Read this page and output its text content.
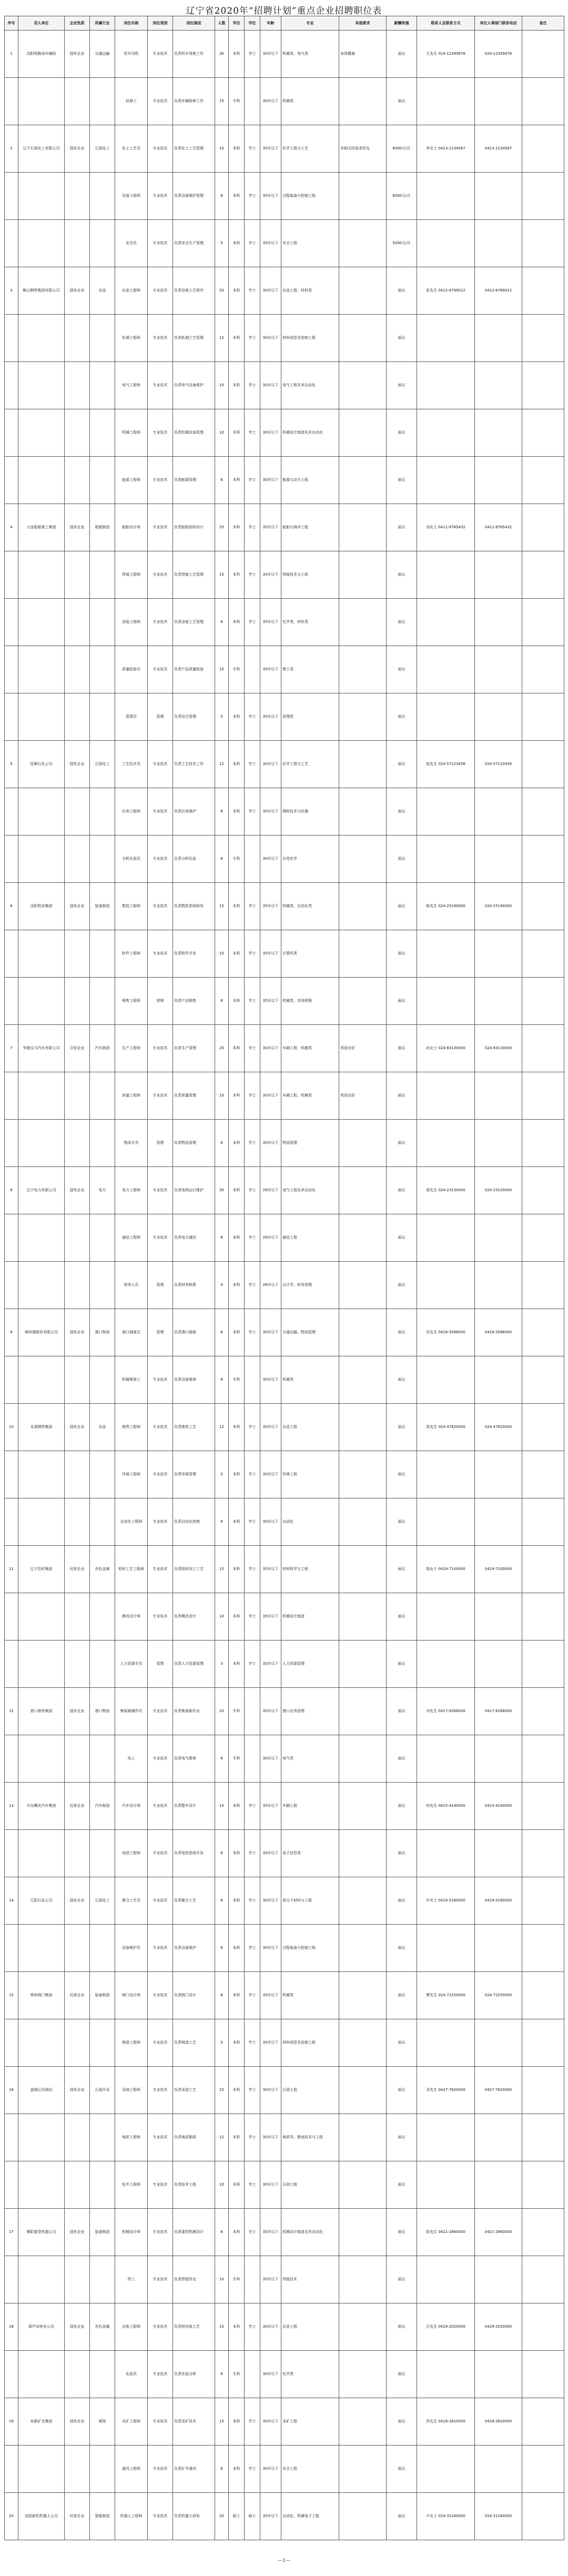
辽宁省2020年“招聘计划”重点企业招聘职位表
序号	用人单位	企业性质	所属行业	岗位名称	岗位类别	岗位描述	人数	学历	学位	年龄	专业	其他要求	薪酬待遇	联系人及联系方式	单位人事部门联系电话	备注
1	沈阳铁路局车辆段	国有企业	交通运输	机车司机	专业技术	负责机车驾驶工作	30	本科	学士	30岁以下	机械类、电气类	身体健康	面议	王先生 024-12345678	024-12345678	
				检修工	专业技术	负责车辆检修工作	15	专科		30岁以下	机械类		面议			
2	辽宁石油化工有限公司	国有企业	石油化工	化工工艺员	专业技术	负责化工工艺管理	10	本科	学士	35岁以下	化学工程与工艺	有相关经验者优先	6000元/月	李女士 0413-1234567	0413-1234567	
				设备工程师	专业技术	负责设备维护管理	8	本科	学士	35岁以下	过程装备与控制工程		6000元/月			
				安全员	专业技术	负责安全生产管理	5	本科	学士	35岁以下	安全工程		5000元/月			
3	鞍山钢铁集团有限公司	国有企业	冶金	冶金工程师	专业技术	负责冶炼工艺研究	20	本科	学士	30岁以下	冶金工程、材料类		面议	张先生 0412-6789012	0412-6789012	
				轧钢工程师	专业技术	负责轧钢工艺管理	12	本科	学士	30岁以下	材料成型及控制工程		面议			
				电气工程师	专业技术	负责电气设备维护	10	本科	学士	30岁以下	电气工程及其自动化		面议			
				机械工程师	专业技术	负责机械设备管理	10	本科	学士	30岁以下	机械设计制造及其自动化		面议			
				能源工程师	专业技术	负责能源管理	6	本科	学士	30岁以下	能源与动力工程		面议			
4	大连船舶重工集团	国有企业	船舶制造	船舶设计师	专业技术	负责船舶结构设计	25	本科	学士	35岁以下	船舶与海洋工程		面议	刘女士 0411-8765432	0411-8765432	
				焊接工程师	专业技术	负责焊接工艺管理	15	本科	学士	35岁以下	焊接技术与工程		面议			
				涂装工程师	专业技术	负责涂装工艺管理	8	本科	学士	35岁以下	化学类、材料类		面议			
				质量检验员	专业技术	负责产品质量检验	10	专科		35岁以下	理工类		面议			
				管理员	管理	负责综合管理	5	本科	学士	35岁以下	管理类		面议			
5	抚顺石化公司	国有企业	石油化工	工艺技术员	专业技术	负责工艺技术工作	12	本科	学士	30岁以下	化学工程与工艺		面议	赵先生 024-57123456	024-57123456	
				仪表工程师	专业技术	负责仪表维护	6	本科	学士	30岁以下	测控技术与仪器		面议			
				分析化验员	专业技术	负责分析化验	8	专科		30岁以下	应用化学		面议			
6	沈阳机床集团	国有企业	装备制造	数控工程师	专业技术	负责数控系统研发	15	本科	学士	35岁以下	机械类、自动化类		面议	陈先生 024-25190000	024-25190000	
				软件工程师	专业技术	负责软件开发	10	本科	学士	35岁以下	计算机类		面议			
				销售工程师	营销	负责产品销售	8	本科	学士	35岁以下	机械类、市场营销		面议			
7	华晨宝马汽车有限公司	合资企业	汽车制造	生产工程师	专业技术	负责生产管理	20	本科	学士	30岁以下	车辆工程、机械类	英语良好	面议	孙女士 024-83130000	024-83130000	
				质量工程师	专业技术	负责质量管理	10	本科	学士	30岁以下	车辆工程、机械类	英语良好	面议			
				物流专员	管理	负责物流管理	6	本科	学士	30岁以下	物流管理		面议			
8	辽宁电力有限公司	国有企业	电力	电力工程师	专业技术	负责电网运行维护	30	本科	学士	28岁以下	电气工程及其自动化		面议	周先生 024-23130000	024-23130000	
				通信工程师	专业技术	负责电力通信	8	本科	学士	28岁以下	通信工程		面议			
				财务人员	管理	负责财务核算	4	本科	学士	28岁以下	会计学、财务管理		面议			
9	锦州港股份有限公司	国有企业	港口物流	港口调度员	管理	负责港口调度	6	本科	学士	30岁以下	交通运输、物流管理		面议	吴先生 0416-3586000	0416-3586000	
				机械维修工	专业技术	负责设备维修	8	专科		30岁以下	机械类		面议			
10	本溪钢铁集团	国有企业	冶金	炼铁工程师	专业技术	负责炼铁工艺	12	本科	学士	30岁以下	冶金工程		面议	郑先生 024-47820000	024-47820000	
				环保工程师	专业技术	负责环保管理	5	本科	学士	30岁以下	环境工程		面议			
				自动化工程师	专业技术	负责自动化控制	6	本科	学士	30岁以下	自动化		面议			
11	辽宁忠旺集团	民营企业	有色金属	铝材工艺工程师	专业技术	负责铝材加工工艺	15	本科	学士	35岁以下	材料科学与工程		面议	钱女士 0419-7100000	0419-7100000	
				模具设计师	专业技术	负责模具设计	10	本科	学士	35岁以下	机械设计制造		面议			
				人力资源专员	管理	负责人力资源管理	3	本科	学士	35岁以下	人力资源管理		面议			
12	营口港务集团	国有企业	港口物流	集装箱操作员	专业技术	负责集装箱作业	20	专科		30岁以下	港口业务管理		面议	冯先生 0417-6268000	0417-6268000	
				电工	专业技术	负责电气维修	6	专科		30岁以下	电气类		面议			
13	丹东曙光汽车集团	民营企业	汽车制造	汽车设计师	专业技术	负责整车设计	10	本科	学士	35岁以下	车辆工程		面议	何先生 0415-4140000	0415-4140000	
				电控工程师	专业技术	负责电控系统开发	6	本科	学士	35岁以下	电子信息类		面议			
14	辽阳石化公司	国有企业	石油化工	聚合工艺员	专业技术	负责聚合工艺	8	本科	学士	30岁以下	高分子材料与工程		面议	许女士 0419-5160000	0419-5160000	
				设备维护员	专业技术	负责设备维护	6	本科	学士	30岁以下	过程装备与控制工程		面议			
15	铁岭阀门集团	民营企业	装备制造	阀门设计师	专业技术	负责阀门设计	8	本科	学士	35岁以下	机械类		面议	曹先生 024-72250000	024-72250000	
				铸造工程师	专业技术	负责铸造工艺	5	本科	学士	35岁以下	材料成型及控制工程		面议			
16	盘锦辽河油田	国有企业	石油开采	采油工程师	专业技术	负责采油工艺	25	本科	学士	30岁以下	石油工程		面议	邓先生 0427-7820000	0427-7820000	
				地质工程师	专业技术	负责地质勘探	12	本科	学士	30岁以下	地质学、勘查技术与工程		面议			
				钻井工程师	专业技术	负责钻井工程	10	本科	学士	30岁以下	石油工程		面议			
17	朝阳重型机器公司	国有企业	装备制造	机械设计师	专业技术	负责重型机械设计	8	本科	学士	35岁以下	机械设计制造及其自动化		面议	彭先生 0421-2860000	0421-2860000	
				焊工	专业技术	负责焊接作业	10	专科		35岁以下	焊接技术		面议			
18	葫芦岛锌业公司	国有企业	有色金属	冶炼工程师	专业技术	负责锌冶炼工艺	10	本科	学士	30岁以下	冶金工程		面议	吕先生 0429-2020000	0429-2020000	
				化验员	专业技术	负责化验分析	6	专科		30岁以下	化学类		面议			
19	阜新矿业集团	国有企业	煤炭	采矿工程师	专业技术	负责采矿技术	15	本科	学士	30岁以下	采矿工程		面议	苏先生 0418-2810000	0418-2810000	
				通风工程师	专业技术	负责矿井通风	6	本科	学士	30岁以下	安全工程		面议			
20	沈阳新松机器人公司	民营企业	智能制造	机器人工程师	专业技术	负责机器人研发	20	硕士	硕士	35岁以下	自动化、机械电子工程		面议	卢女士 024-31160000	024-31160000	
—1—
